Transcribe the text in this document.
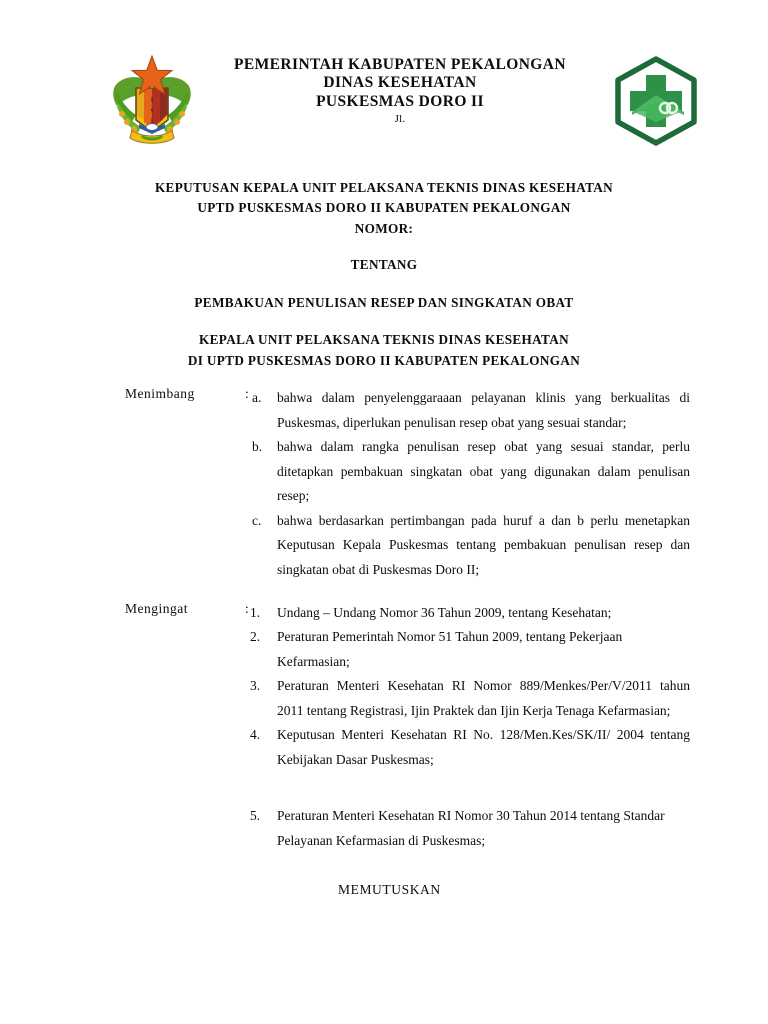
PEMERINTAH KABUPATEN PEKALONGAN
DINAS KESEHATAN
PUSKESMAS DORO II
Jl.
KEPUTUSAN KEPALA UNIT PELAKSANA TEKNIS DINAS KESEHATAN
UPTD PUSKESMAS DORO II KABUPATEN PEKALONGAN
NOMOR:
TENTANG
PEMBAKUAN PENULISAN RESEP DAN SINGKATAN OBAT
KEPALA UNIT PELAKSANA TEKNIS DINAS KESEHATAN
DI UPTD PUSKESMAS DORO II KABUPATEN PEKALONGAN
Menimbang	: a.	bahwa dalam penyelenggaraaan pelayanan klinis yang berkualitas di Puskesmas, diperlukan penulisan resep obat yang sesuai standar;
b.	bahwa dalam rangka penulisan resep obat yang sesuai standar, perlu ditetapkan pembakuan singkatan obat yang digunakan dalam penulisan resep;
c.	bahwa berdasarkan pertimbangan pada huruf a dan b perlu menetapkan Keputusan Kepala Puskesmas tentang pembakuan penulisan resep dan singkatan obat di Puskesmas Doro II;
Mengingat	: 1.	Undang – Undang Nomor 36 Tahun 2009, tentang Kesehatan;
2.	Peraturan Pemerintah Nomor 51 Tahun 2009, tentang Pekerjaan Kefarmasian;
3.	Peraturan Menteri Kesehatan RI Nomor 889/Menkes/Per/V/2011 tahun 2011 tentang Registrasi, Ijin Praktek dan Ijin Kerja Tenaga Kefarmasian;
4.	Keputusan Menteri Kesehatan RI No. 128/Men.Kes/SK/II/ 2004 tentang Kebijakan Dasar Puskesmas;
5.	Peraturan Menteri Kesehatan RI Nomor 30 Tahun 2014 tentang Standar Pelayanan Kefarmasian di Puskesmas;
MEMUTUSKAN
